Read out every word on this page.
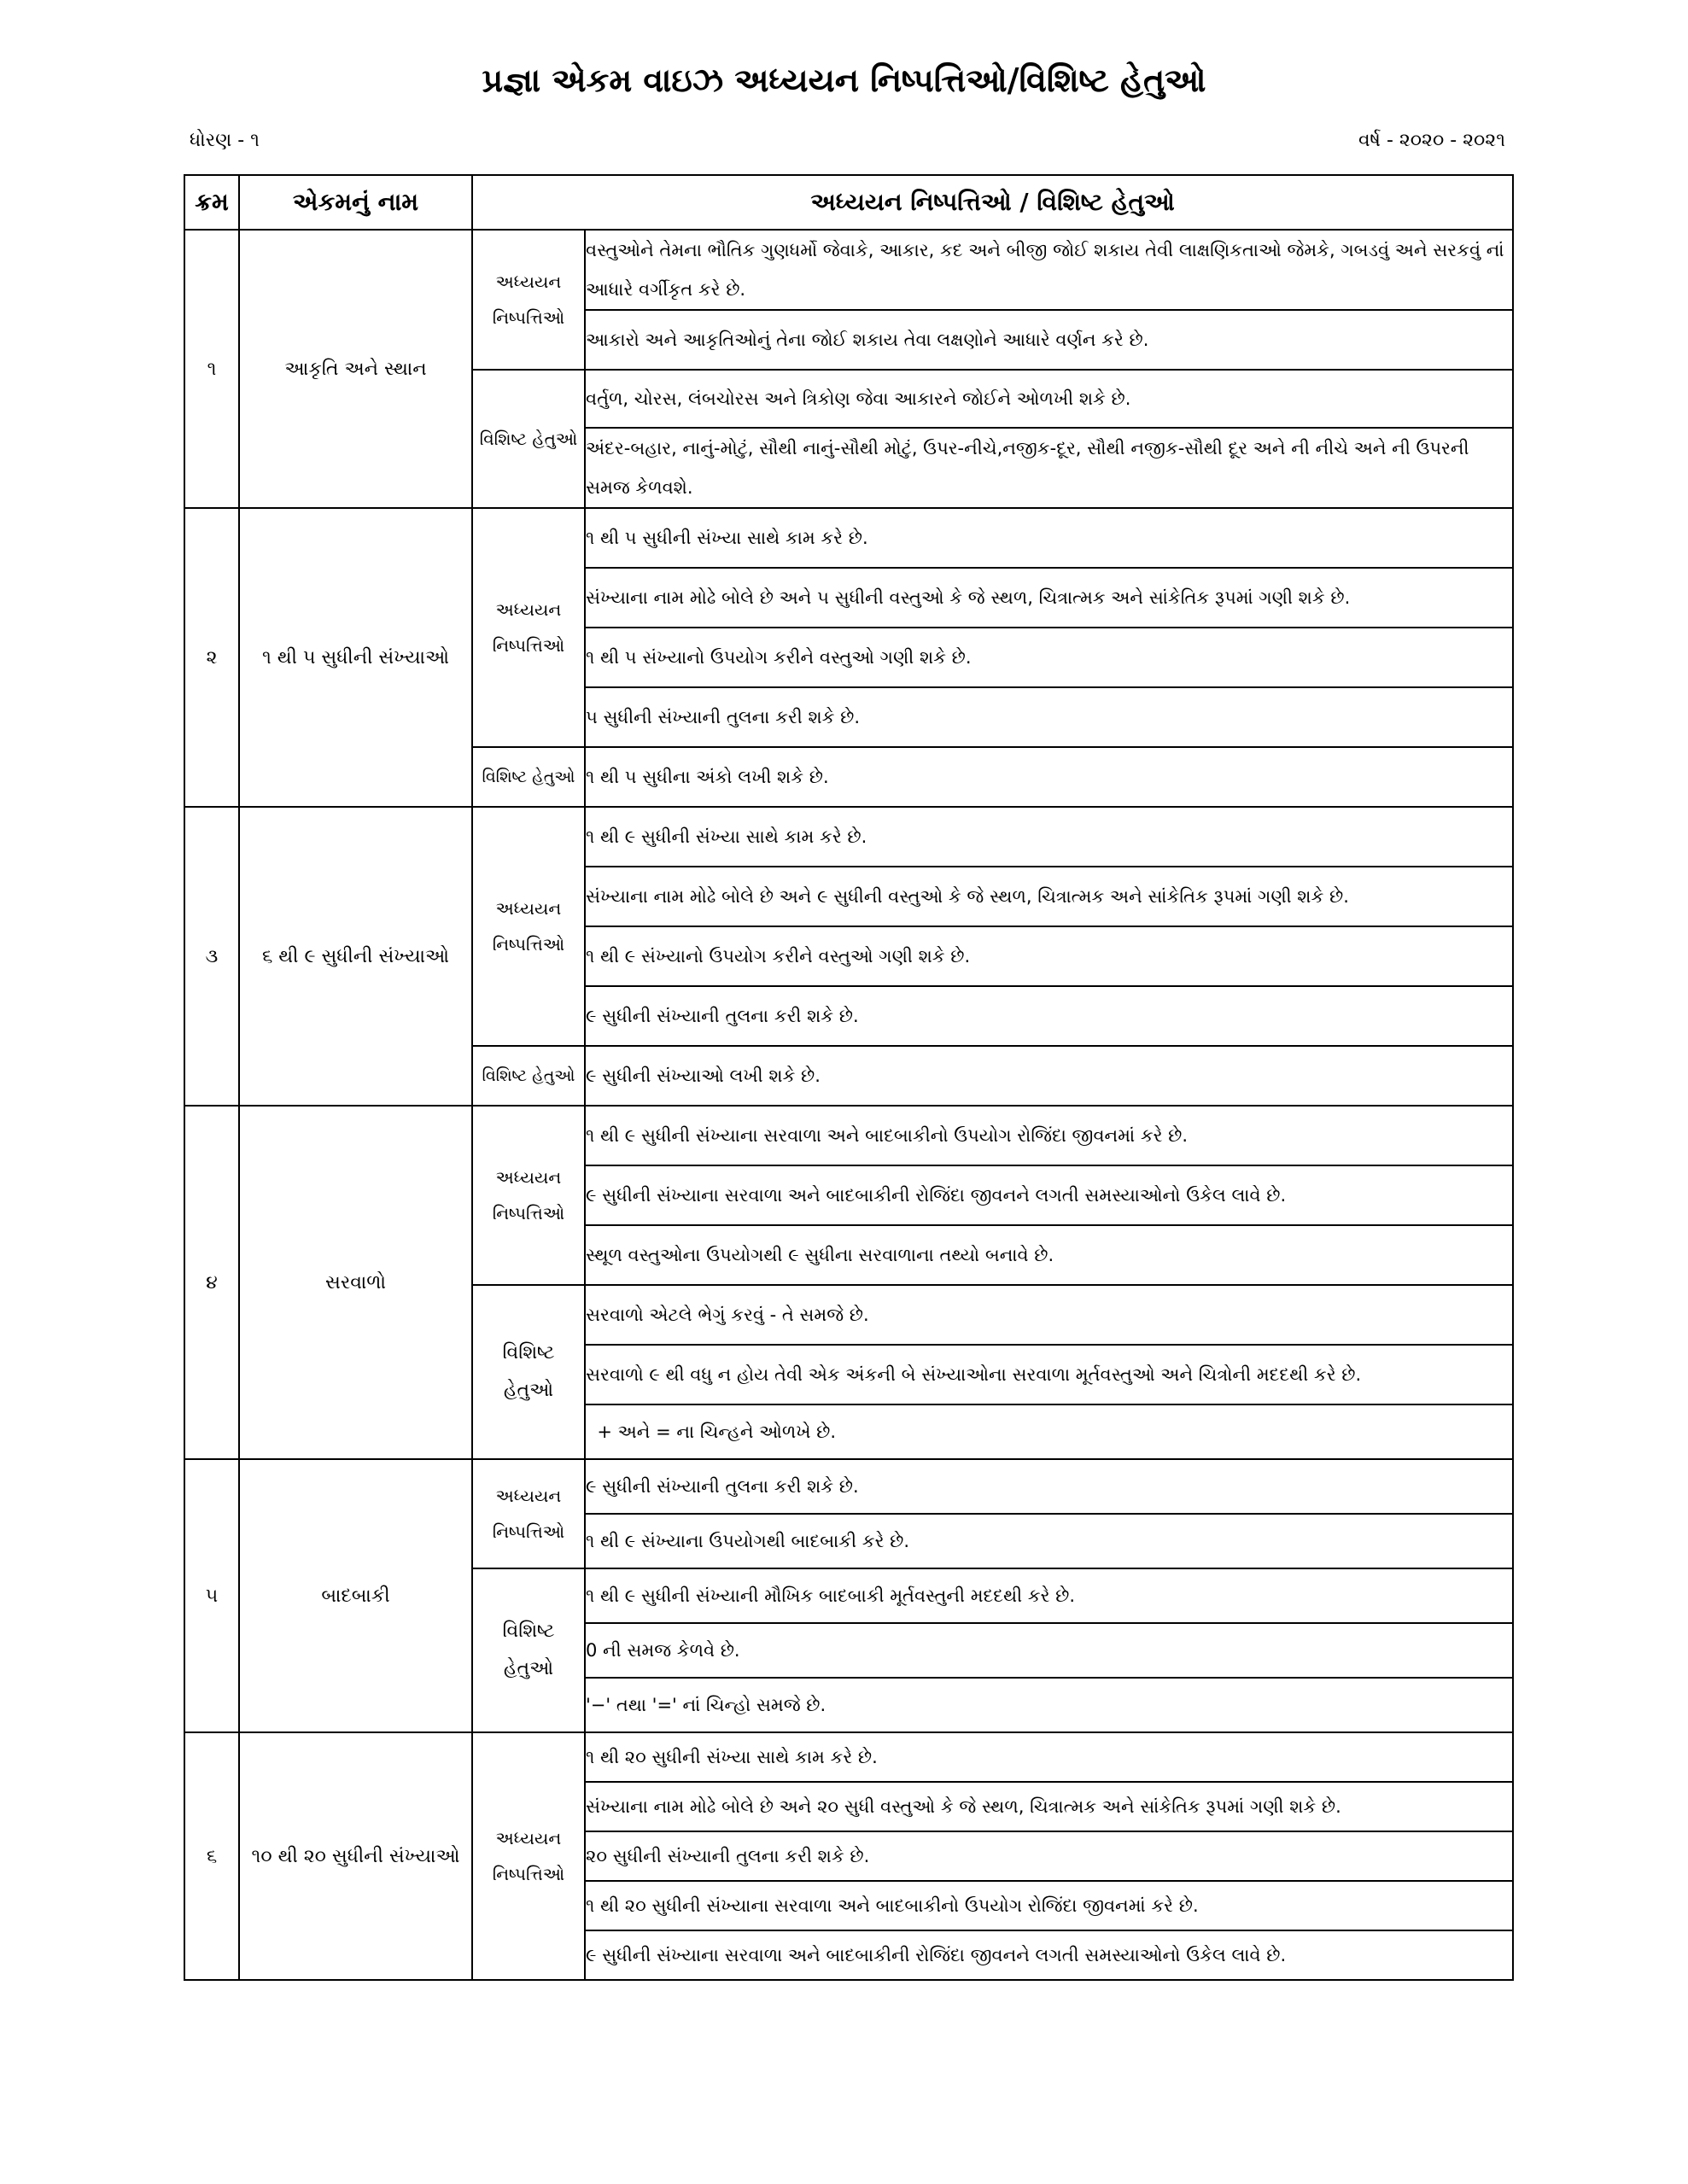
પ્રજ્ઞા એકમ વાઇઝ અધ્યયન નિષ્પત્તિઓ/વિશિષ્ટ હેતુઓ
ધોરણ - ૧	વર્ષ - ૨૦૨૦ - ૨૦૨૧
ક્રમ	એકમનું નામ	અધ્યયન નિષ્પત્તિઓ / વિશિષ્ટ હેતુઓ	
૧	આકૃતિ અને સ્થાન	અધ્યયન નિષ્પત્તિઓ	વસ્તુઓને તેમના ભૌતિક ગુણધર્મો જેવાકે, આકાર, કદ અને બીજી જોઈ શકાય તેવી લાક્ષણિકતાઓ જેમકે, ગબડવું અને સરકવું નાં આધારે વર્ગીકૃત કરે છે.
			આકારો અને આકૃતિઓનું તેના જોઈ શકાય તેવા લક્ષણોને આધારે વર્ણન કરે છે.
		વિશિષ્ટ હેતુઓ	વર્તુળ, ચોરસ, લંબચોરસ અને ત્રિકોણ જેવા આકારને જોઈને ઓળખી શકે છે.
			અંદર-બહાર, નાનું-મોટું, સૌથી નાનું-સૌથી મોટું, ઉપર-નીચે,નજીક-દૂર, સૌથી નજીક-સૌથી દૂર અને ની નીચે અને ની ઉપરની સમજ કેળવશે.
૨	૧ થી ૫ સુધીની સંખ્યાઓ	અધ્યયન નિષ્પત્તિઓ	૧ થી ૫ સુધીની સંખ્યા સાથે કામ કરે છે.
			સંખ્યાના નામ મોઢે બોલે છે અને ૫ સુધીની વસ્તુઓ કે જે સ્થળ, ચિત્રાત્મક અને સાંકેતિક રૂપમાં ગણી શકે છે.
			૧ થી ૫ સંખ્યાનો ઉપયોગ કરીને વસ્તુઓ ગણી શકે છે.
			૫ સુધીની સંખ્યાની તુલના કરી શકે છે.
		વિશિષ્ટ હેતુઓ	૧ થી ૫ સુધીના અંકો લખી શકે છે.
૩	૬ થી ૯ સુધીની સંખ્યાઓ	અધ્યયન નિષ્પત્તિઓ	૧ થી ૯ સુધીની સંખ્યા સાથે કામ કરે છે.
			સંખ્યાના નામ મોઢે બોલે છે અને ૯ સુધીની વસ્તુઓ કે જે સ્થળ, ચિત્રાત્મક અને સાંકેતિક રૂપમાં ગણી શકે છે.
			૧ થી ૯ સંખ્યાનો ઉપયોગ કરીને વસ્તુઓ ગણી શકે છે.
			૯ સુધીની સંખ્યાની તુલના કરી શકે છે.
		વિશિષ્ટ હેતુઓ	૯ સુધીની સંખ્યાઓ લખી શકે છે.
૪	સરવાળો	અધ્યયન નિષ્પત્તિઓ	૧ થી ૯ સુધીની સંખ્યાના સરવાળા અને બાદબાકીનો ઉપયોગ રોજિંદા જીવનમાં કરે છે.
			૯ સુધીની સંખ્યાના સરવાળા અને બાદબાકીની રોજિંદા જીવનને લગતી સમસ્યાઓનો ઉકેલ લાવે છે.
			સ્થૂળ વસ્તુઓના ઉપયોગથી ૯ સુધીના સરવાળાના તથ્યો બનાવે છે.
		વિશિષ્ટ હેતુઓ	સરવાળો એટલે ભેગું કરવું - તે સમજે છે.
			સરવાળો ૯ થી વધુ ન હોય તેવી એક અંકની બે સંખ્યાઓના સરવાળા મૂર્તવસ્તુઓ અને ચિત્રોની મદદથી કરે છે.
			+ અને = ના ચિન્હને ઓળખે છે.
૫	બાદબાકી	અધ્યયન નિષ્પત્તિઓ	૯ સુધીની સંખ્યાની તુલના કરી શકે છે.
			૧ થી ૯ સંખ્યાના ઉપયોગથી બાદબાકી કરે છે.
		વિશિષ્ટ હેતુઓ	૧ થી ૯ સુધીની સંખ્યાની મૌખિક બાદબાકી મૂર્તવસ્તુની મદદથી કરે છે.
			0 ની સમજ કેળવે છે.
			'−' તથા '=' નાં ચિન્હો સમજે છે.
૬	૧૦ થી ૨૦ સુધીની સંખ્યાઓ	અધ્યયન નિષ્પત્તિઓ	૧ થી ૨૦ સુધીની સંખ્યા સાથે કામ કરે છે.
			સંખ્યાના નામ મોઢે બોલે છે અને ૨૦ સુધી વસ્તુઓ કે જે સ્થળ, ચિત્રાત્મક અને સાંકેતિક રૂપમાં ગણી શકે છે.
			૨૦ સુધીની સંખ્યાની તુલના કરી શકે છે.
			૧ થી ૨૦ સુધીની સંખ્યાના સરવાળા અને બાદબાકીનો ઉપયોગ રોજિંદા જીવનમાં કરે છે.
			૯ સુધીની સંખ્યાના સરવાળા અને બાદબાકીની રોજિંદા જીવનને લગતી સમસ્યાઓનો ઉકેલ લાવે છે.
